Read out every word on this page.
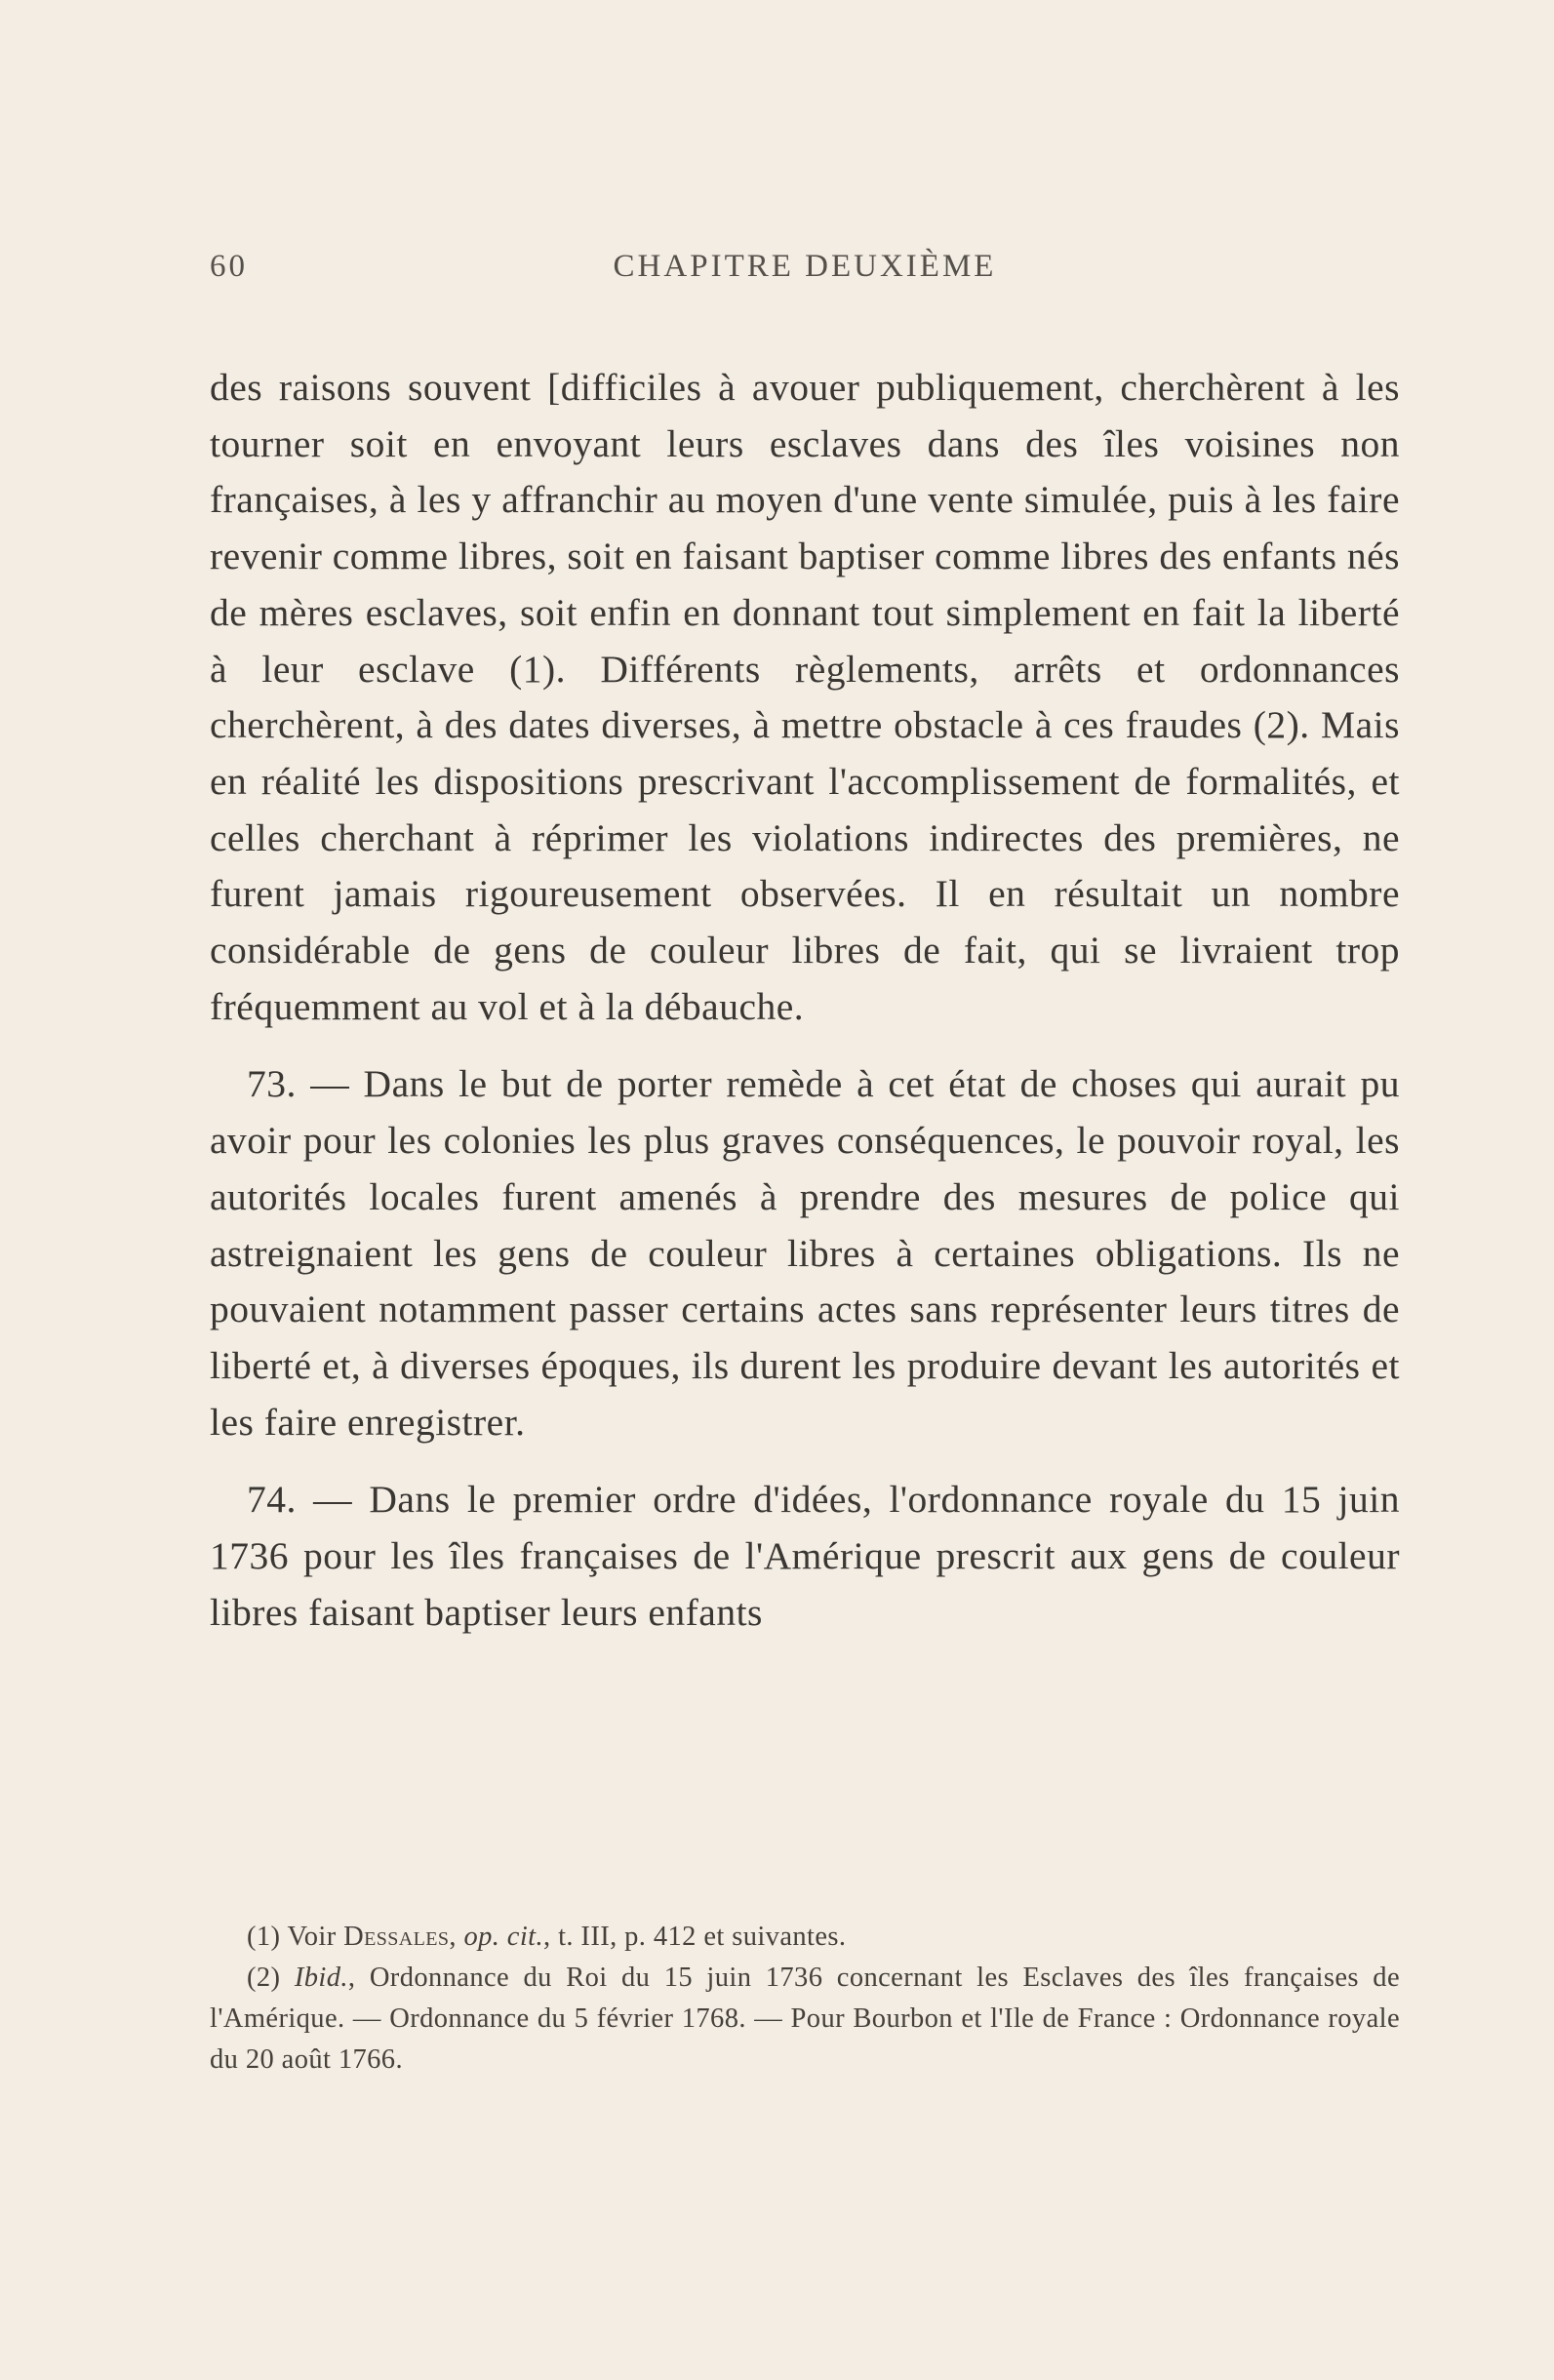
60	CHAPITRE DEUXIÈME

des raisons souvent [difficiles à avouer publiquement, cherchèrent à les tourner soit en envoyant leurs esclaves dans des îles voisines non françaises, à les y affranchir au moyen d'une vente simulée, puis à les faire revenir comme libres, soit en faisant baptiser comme libres des enfants nés de mères esclaves, soit enfin en donnant tout simplement en fait la liberté à leur esclave (1). Différents règlements, arrêts et ordonnances cherchèrent, à des dates diverses, à mettre obstacle à ces fraudes (2). Mais en réalité les dispositions prescrivant l'accomplissement de formalités, et celles cherchant à réprimer les violations indirectes des premières, ne furent jamais rigoureusement observées. Il en résultait un nombre considérable de gens de couleur libres de fait, qui se livraient trop fréquemment au vol et à la débauche.

73. — Dans le but de porter remède à cet état de choses qui aurait pu avoir pour les colonies les plus graves conséquences, le pouvoir royal, les autorités locales furent amenés à prendre des mesures de police qui astreignaient les gens de couleur libres à certaines obligations. Ils ne pouvaient notamment passer certains actes sans représenter leurs titres de liberté et, à diverses époques, ils durent les produire devant les autorités et les faire enregistrer.

74. — Dans le premier ordre d'idées, l'ordonnance royale du 15 juin 1736 pour les îles françaises de l'Amérique prescrit aux gens de couleur libres faisant baptiser leurs enfants

(1) Voir Dessales, op. cit., t. III, p. 412 et suivantes.

(2) Ibid., Ordonnance du Roi du 15 juin 1736 concernant les Esclaves des îles françaises de l'Amérique. — Ordonnance du 5 février 1768. — Pour Bourbon et l'Ile de France : Ordonnance royale du 20 août 1766.
